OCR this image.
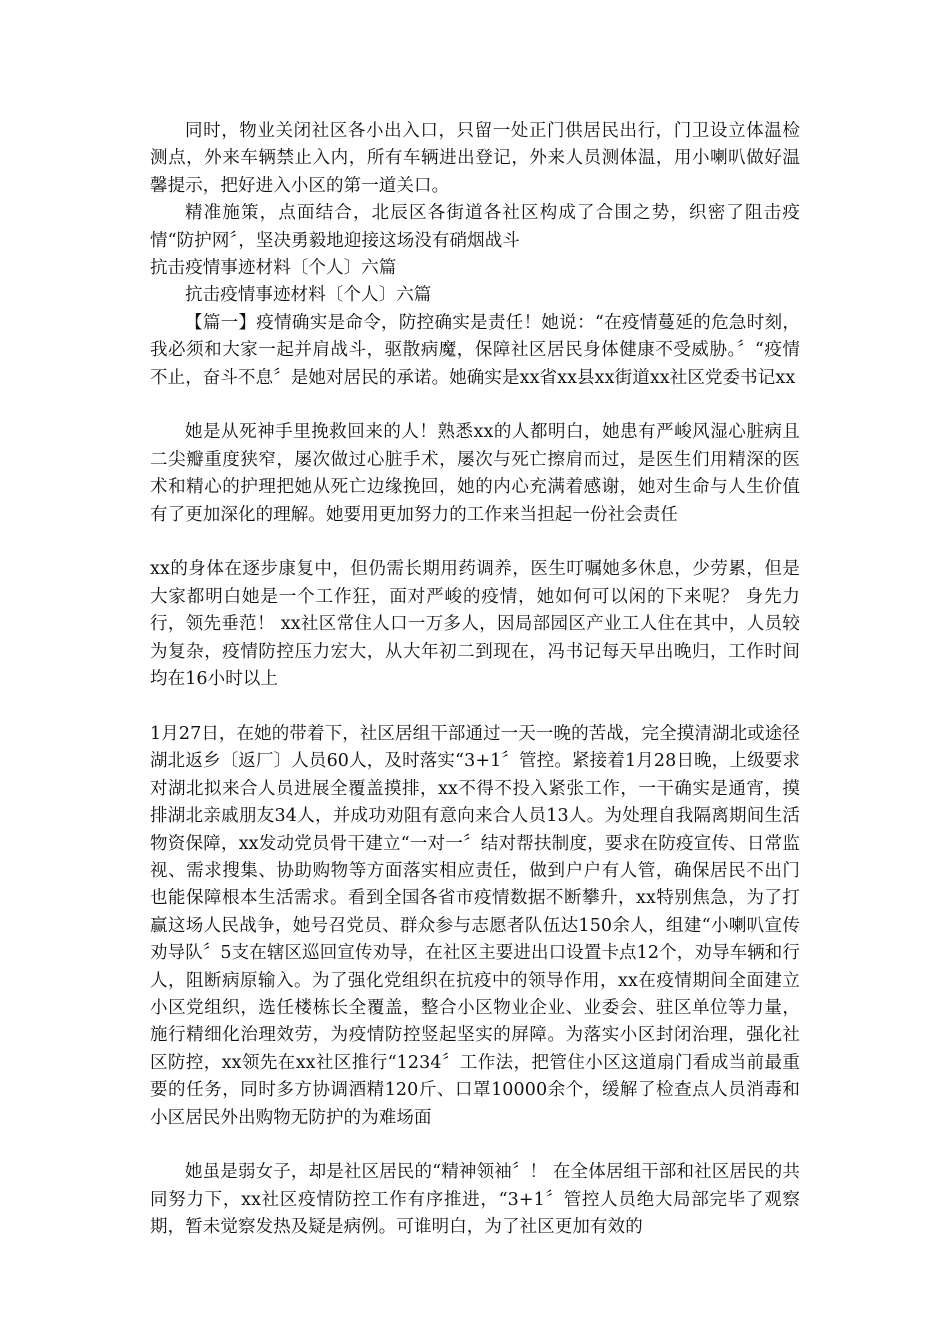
同时，物业关闭社区各小出入口，只留一处正门供居民出行，门卫设立体温检测点，外来车辆禁止入内，所有车辆进出登记，外来人员测体温，用小喇叭做好温馨提示，把好进入小区的第一道关口。

精准施策，点面结合，北辰区各街道各社区构成了合围之势，织密了阻击疫情“防护网〞，坚决勇毅地迎接这场没有硝烟战斗

抗击疫情事迹材料〔个人〕六篇

抗击疫情事迹材料〔个人〕六篇

【篇一】疫情确实是命令，防控确实是责任！她说：“在疫情蔓延的危急时刻，我必须和大家一起并肩战斗，驱散病魔，保障社区居民身体健康不受威胁。〞“疫情不止，奋斗不息〞是她对居民的承诺。她确实是xx省xx县xx街道xx社区党委书记xx

她是从死神手里挽救回来的人！熟悉xx的人都明白，她患有严峻风湿心脏病且二尖瓣重度狭窄，屡次做过心脏手术，屡次与死亡擦肩而过，是医生们用精深的医术和精心的护理把她从死亡边缘挽回，她的内心充满着感谢，她对生命与人生价值有了更加深化的理解。她要用更加努力的工作来当担起一份社会责任

xx的身体在逐步康复中，但仍需长期用药调养，医生叮嘱她多休息，少劳累，但是大家都明白她是一个工作狂，面对严峻的疫情，她如何可以闲的下来呢？ 身先力行，领先垂范！ xx社区常住人口一万多人，因局部园区产业工人住在其中，人员较为复杂，疫情防控压力宏大，从大年初二到现在，冯书记每天早出晚归，工作时间均在16小时以上

1月27日，在她的带着下，社区居组干部通过一天一晚的苦战，完全摸清湖北或途径湖北返乡〔返厂〕人员60人，及时落实“3+1〞管控。紧接着1月28日晚，上级要求对湖北拟来合人员进展全覆盖摸排，xx不得不投入紧张工作，一干确实是通宵，摸排湖北亲戚朋友34人，并成功劝阻有意向来合人员13人。为处理自我隔离期间生活物资保障，xx发动党员骨干建立“一对一〞结对帮扶制度，要求在防疫宣传、日常监视、需求搜集、协助购物等方面落实相应责任，做到户户有人管，确保居民不出门也能保障根本生活需求。看到全国各省市疫情数据不断攀升，xx特别焦急，为了打赢这场人民战争，她号召党员、群众参与志愿者队伍达150余人，组建“小喇叭宣传劝导队〞5支在辖区巡回宣传劝导，在社区主要进出口设置卡点12个，劝导车辆和行人，阻断病原输入。为了强化党组织在抗疫中的领导作用，xx在疫情期间全面建立小区党组织，选任楼栋长全覆盖，整合小区物业企业、业委会、驻区单位等力量，施行精细化治理效劳，为疫情防控竖起坚实的屏障。为落实小区封闭治理，强化社区防控，xx领先在xx社区推行“1234〞工作法，把管住小区这道扇门看成当前最重要的任务，同时多方协调酒精120斤、口罩10000余个，缓解了检查点人员消毒和小区居民外出购物无防护的为难场面

她虽是弱女子，却是社区居民的“精神领袖〞！ 在全体居组干部和社区居民的共同努力下，xx社区疫情防控工作有序推进，“3+1〞管控人员绝大局部完毕了观察期，暂未觉察发热及疑是病例。可谁明白，为了社区更加有效的
